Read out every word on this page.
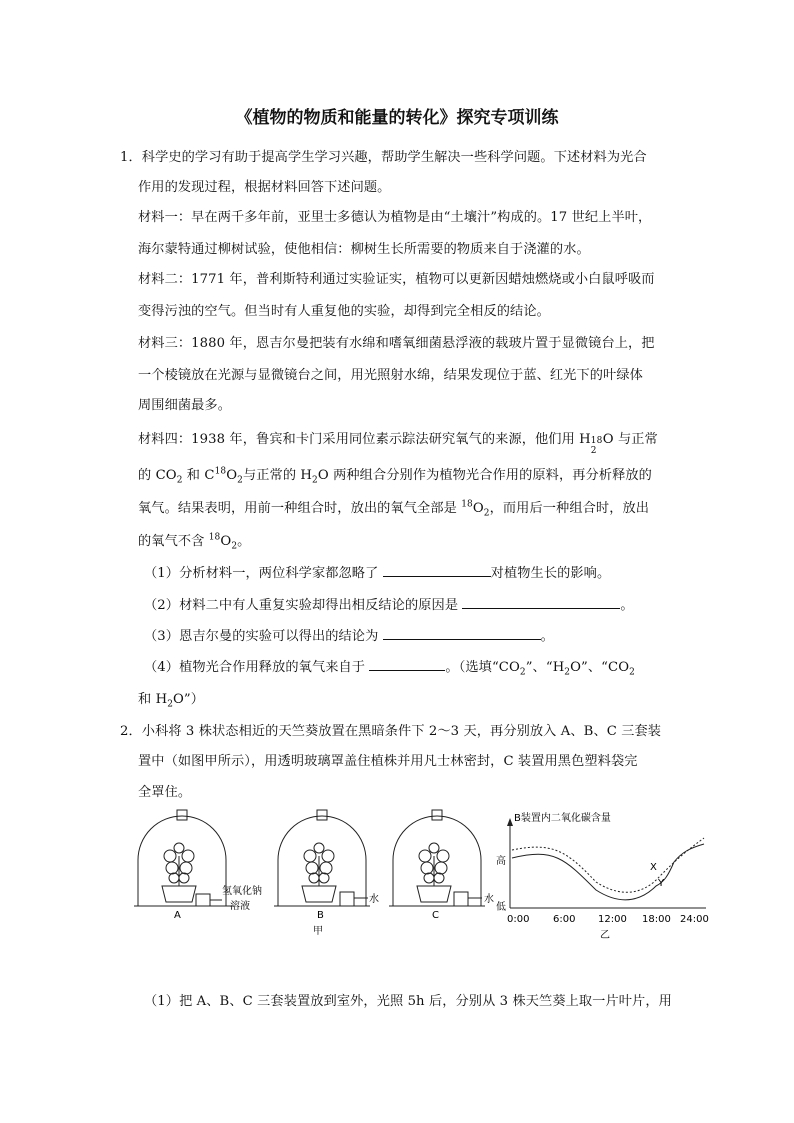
《植物的物质和能量的转化》探究专项训练
1．科学史的学习有助于提高学生学习兴趣，帮助学生解决一些科学问题。下述材料为光合
作用的发现过程，根据材料回答下述问题。
材料一：早在两千多年前，亚里士多德认为植物是由“土壤汁”构成的。17 世纪上半叶，
海尔蒙特通过柳树试验，使他相信：柳树生长所需要的物质来自于浇灌的水。
材料二：1771 年，普利斯特利通过实验证实，植物可以更新因蜡烛燃烧或小白鼠呼吸而
变得污浊的空气。但当时有人重复他的实验，却得到完全相反的结论。
材料三：1880 年，恩吉尔曼把装有水绵和嗜氧细菌悬浮液的载玻片置于显微镜台上，把
一个棱镜放在光源与显微镜台之间，用光照射水绵，结果发现位于蓝、红光下的叶绿体
周围细菌最多。
材料四：1938 年，鲁宾和卡门采用同位素示踪法研究氧气的来源，他们用 H
2
18 O 与正常
的 $CO_2$ 和 $C^{18}O_2$与正常的 $H_2O$ 两种组合分别作为植物光合作用的原料，再分析释放的
氧气。结果表明，用前一种组合时，放出的氧气全部是 $^{18}O_2$，而用后一种组合时，放出
的氧气不含 $^{18}O_2$。
（1）分析材料一，两位科学家都忽略了	对植物生长的影响。
（2）材料二中有人重复实验却得出相反结论的原因是	。
（3）恩吉尔曼的实验可以得出的结论为	。
（4）植物光合作用释放的氧气来自于	。（选填“$CO_2$”、“$H_2O$”、“$CO_2$
和 $H_2O$”）
2．小科将 3 株状态相近的天竺葵放置在黑暗条件下 2～3 天，再分别放入 A、B、C 三套装
置中（如图甲所示），用透明玻璃罩盖住植株并用凡士林密封，C 装置用黑色塑料袋完
全罩住。
A	B	C
甲
氢氧化钠
溶液
水	水
B装置内二氧化碳含量
高
低
X
Y
0:00 6:00 12:00 18:00 24:00
乙
（1）把 A、B、C 三套装置放到室外，光照 5h 后，分别从 3 株天竺葵上取一片叶片，用
